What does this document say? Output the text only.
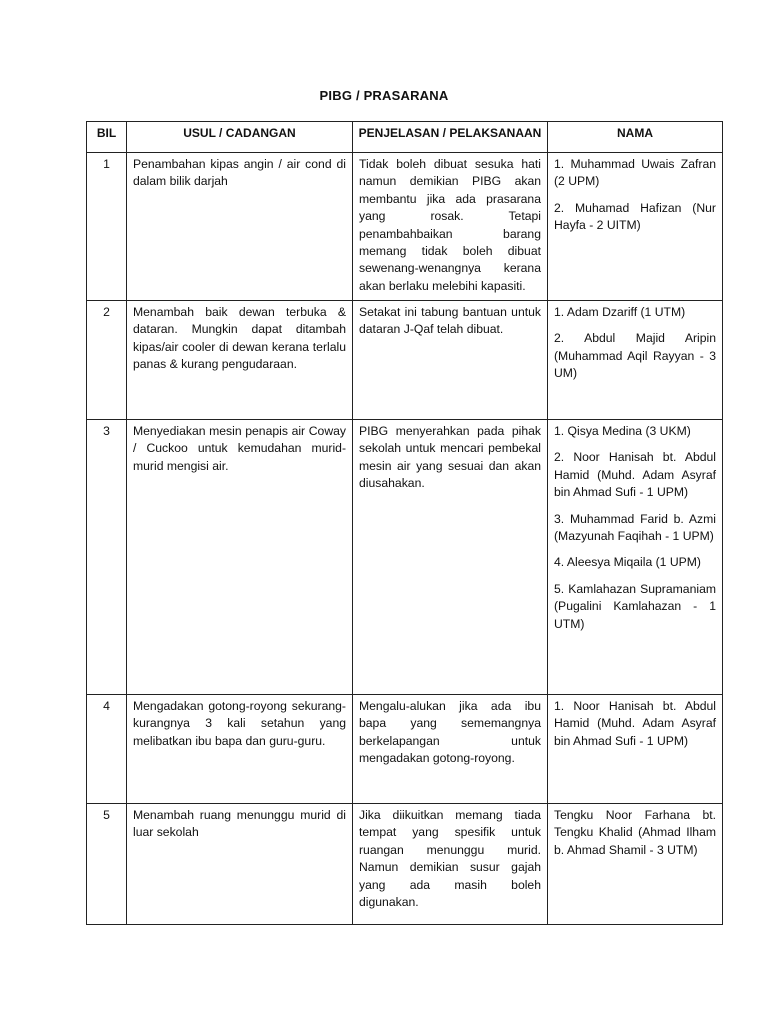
PIBG / PRASARANA
BIL	USUL / CADANGAN	PENJELASAN / PELAKSANAAN	NAMA
1	Penambahan kipas angin / air cond di dalam bilik darjah	Tidak boleh dibuat sesuka hati namun demikian PIBG akan membantu jika ada prasarana yang rosak. Tetapi penambahbaikan barang memang tidak boleh dibuat sewenang-wenangnya kerana akan berlaku melebihi kapasiti.	1. Muhammad Uwais Zafran (2 UPM)
2. Muhamad Hafizan (Nur Hayfa - 2 UITM)

2	Menambah baik dewan terbuka & dataran. Mungkin dapat ditambah kipas/air cooler di dewan kerana terlalu panas & kurang pengudaraan.	Setakat ini tabung bantuan untuk dataran J-Qaf telah dibuat.	1. Adam Dzariff (1 UTM)
2. Abdul Majid Aripin (Muhammad Aqil Rayyan - 3 UM)

3	Menyediakan mesin penapis air Coway / Cuckoo untuk kemudahan murid-murid mengisi air.	PIBG menyerahkan pada pihak sekolah untuk mencari pembekal mesin air yang sesuai dan akan diusahakan.	1. Qisya Medina (3 UKM)
2. Noor Hanisah bt. Abdul Hamid (Muhd. Adam Asyraf bin Ahmad Sufi - 1 UPM)
3. Muhammad Farid b. Azmi (Mazyunah Faqihah - 1 UPM)
4. Aleesya Miqaila (1 UPM)
5. Kamlahazan Supramaniam (Pugalini Kamlahazan - 1 UTM)

4	Mengadakan gotong-royong sekurang-kurangnya 3 kali setahun yang melibatkan ibu bapa dan guru-guru.	Mengalu-alukan jika ada ibu bapa yang sememangnya berkelapangan untuk mengadakan gotong-royong.	1. Noor Hanisah bt. Abdul Hamid (Muhd. Adam Asyraf bin Ahmad Sufi - 1 UPM)

5	Menambah ruang menunggu murid di luar sekolah	Jika diikuitkan memang tiada tempat yang spesifik untuk ruangan menunggu murid. Namun demikian susur gajah yang ada masih boleh digunakan.	Tengku Noor Farhana bt. Tengku Khalid (Ahmad Ilham b. Ahmad Shamil - 3 UTM)
